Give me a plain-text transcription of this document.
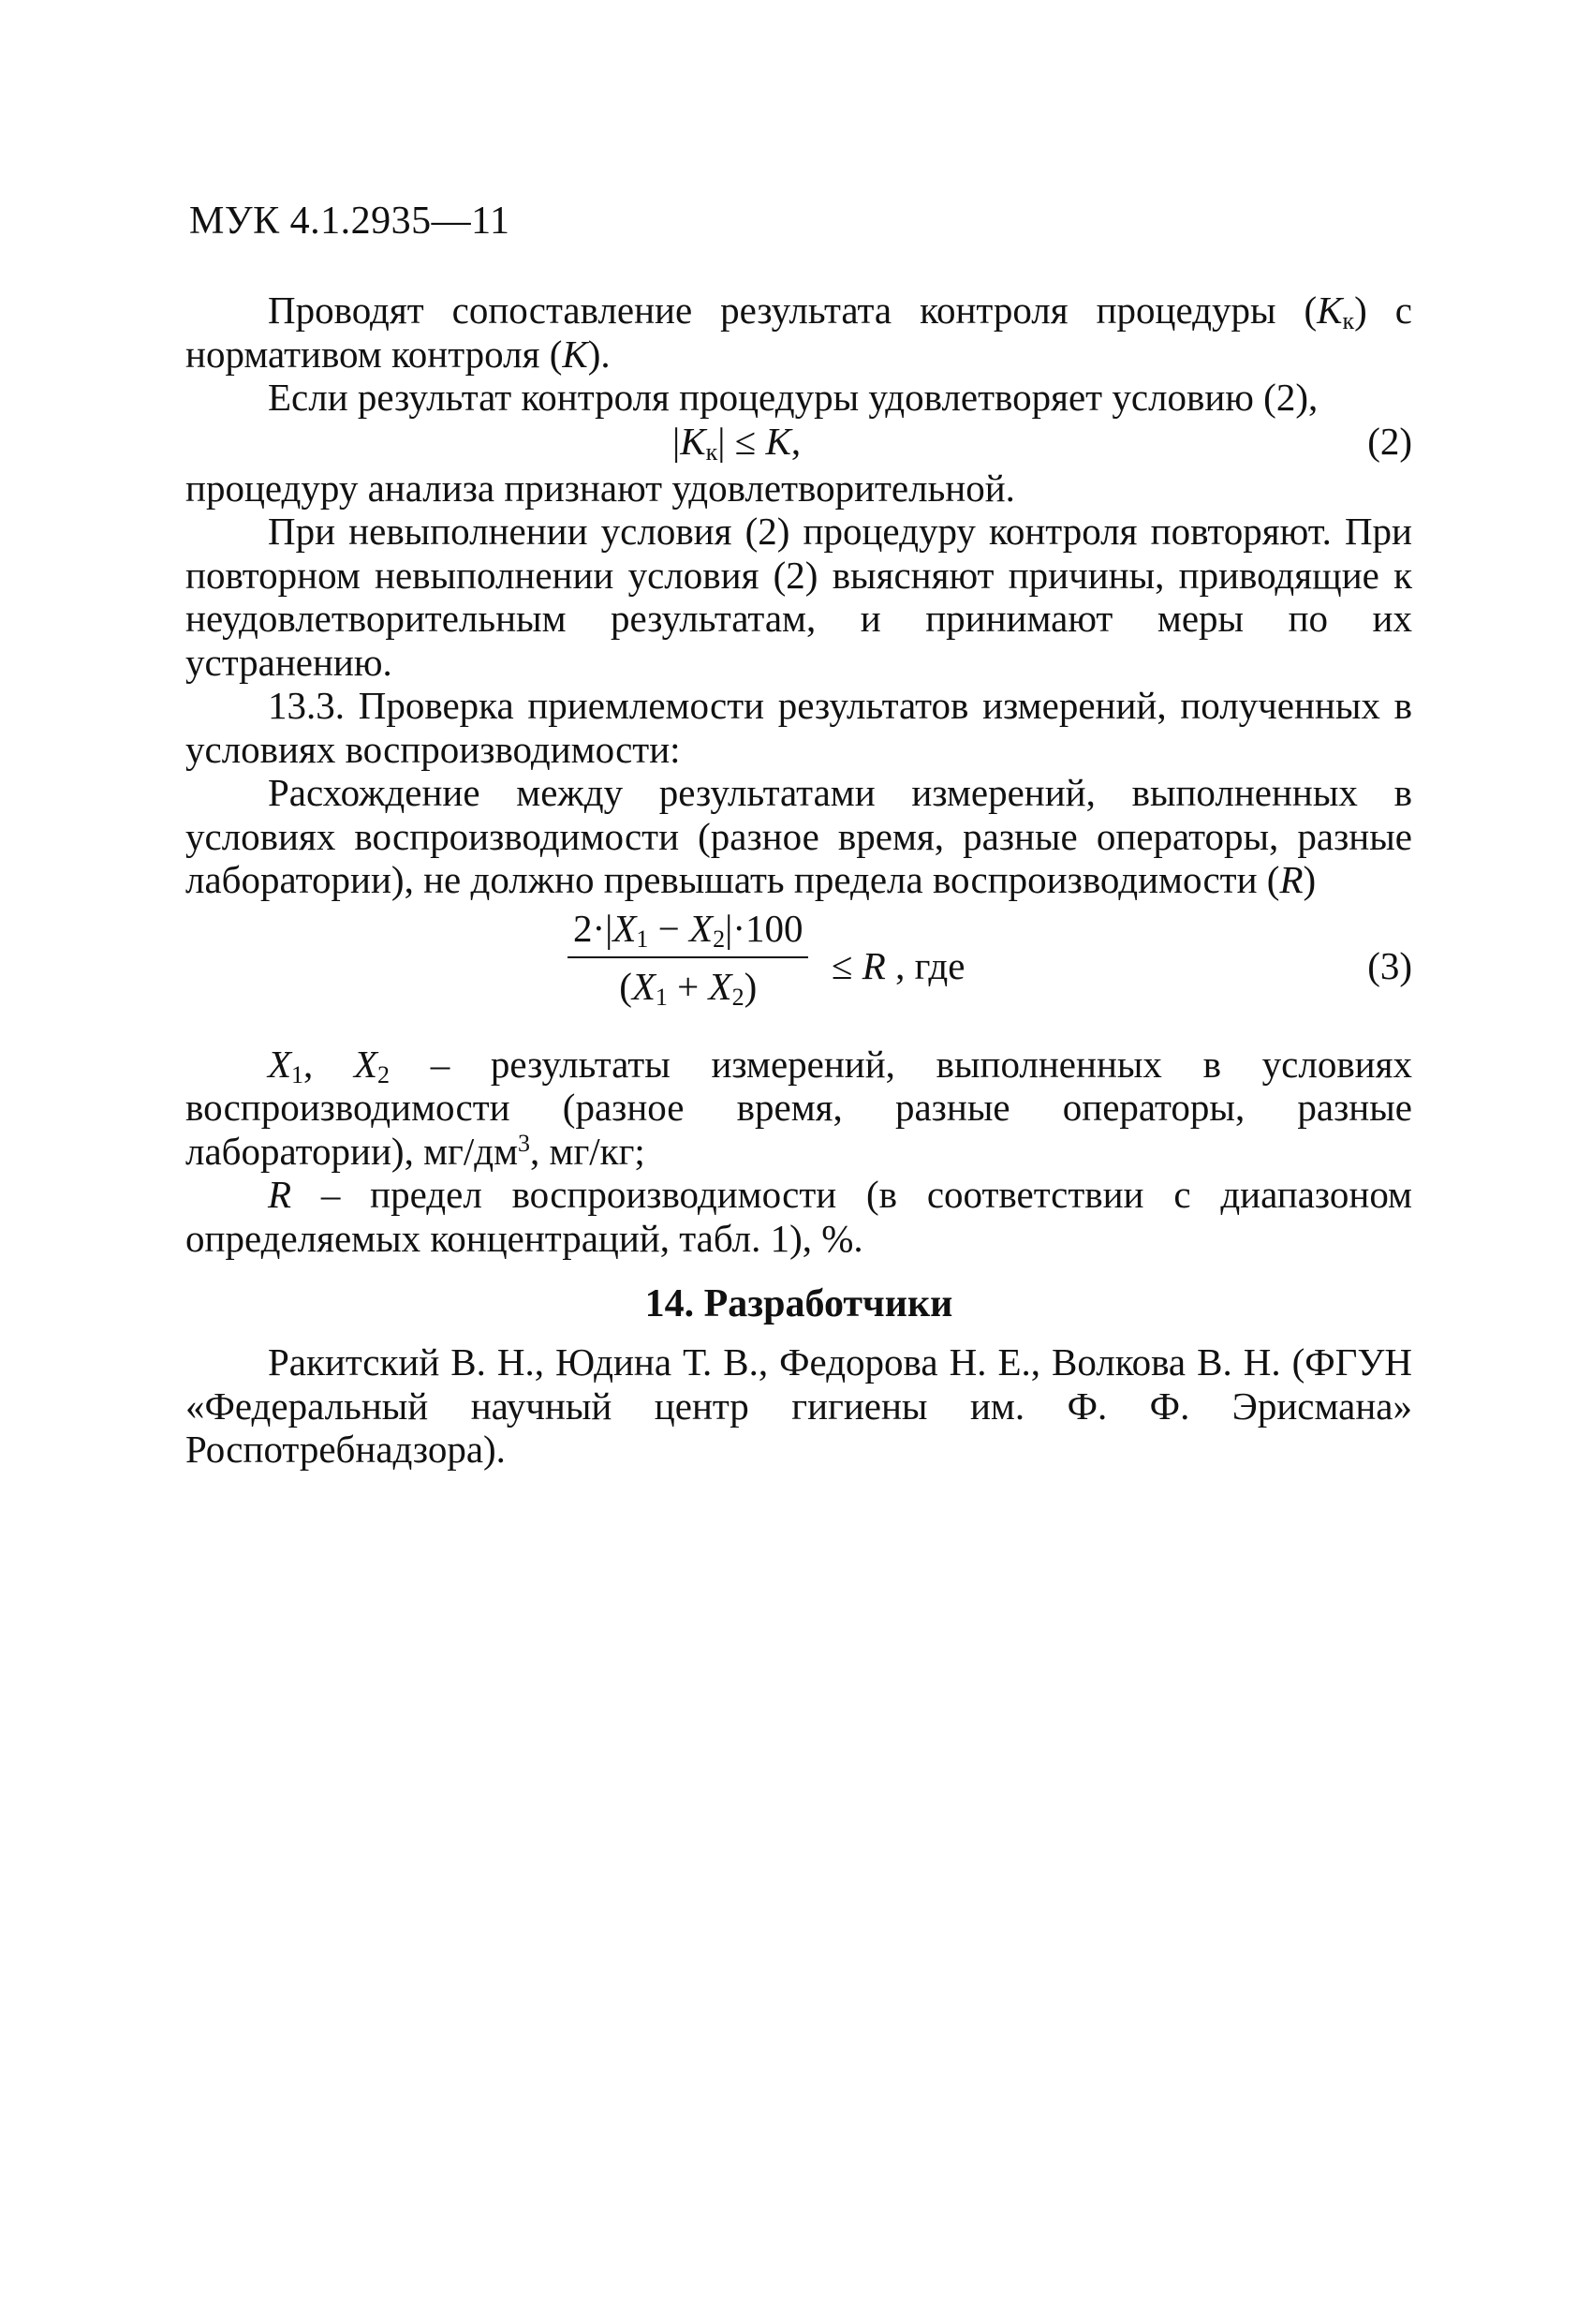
МУК 4.1.2935—11

Проводят сопоставление результата контроля процедуры $(K_к)$ с нормативом контроля (K).

Если результат контроля процедуры удовлетворяет условию (2),

$|K_к| \le K$,	(2)

процедуру анализа признают удовлетворительной.

При невыполнении условия (2) процедуру контроля повторяют. При повторном невыполнении условия (2) выясняют причины, приводящие к неудовлетворительным результатам, и принимают меры по их устранению.

13.3. Проверка приемлемости результатов измерений, полученных в условиях воспроизводимости:

Расхождение между результатами измерений, выполненных в условиях воспроизводимости (разное время, разные операторы, разные лаборатории), не должно превышать предела воспроизводимости (R)

$\frac{2\cdot|X_1 - X_2|\cdot 100}{(X_1 + X_2)} \le R$ , где	(3)

$X_1$, $X_2$ – результаты измерений, выполненных в условиях воспроизводимости (разное время, разные операторы, разные лаборатории), $мг/дм^3$, мг/кг;

R – предел воспроизводимости (в соответствии с диапазоном определяемых концентраций, табл. 1), %.

14. Разработчики

Ракитский В. Н., Юдина Т. В., Федорова Н. Е., Волкова В. Н. (ФГУН «Федеральный научный центр гигиены им. Ф. Ф. Эрисмана» Роспотребнадзора).
